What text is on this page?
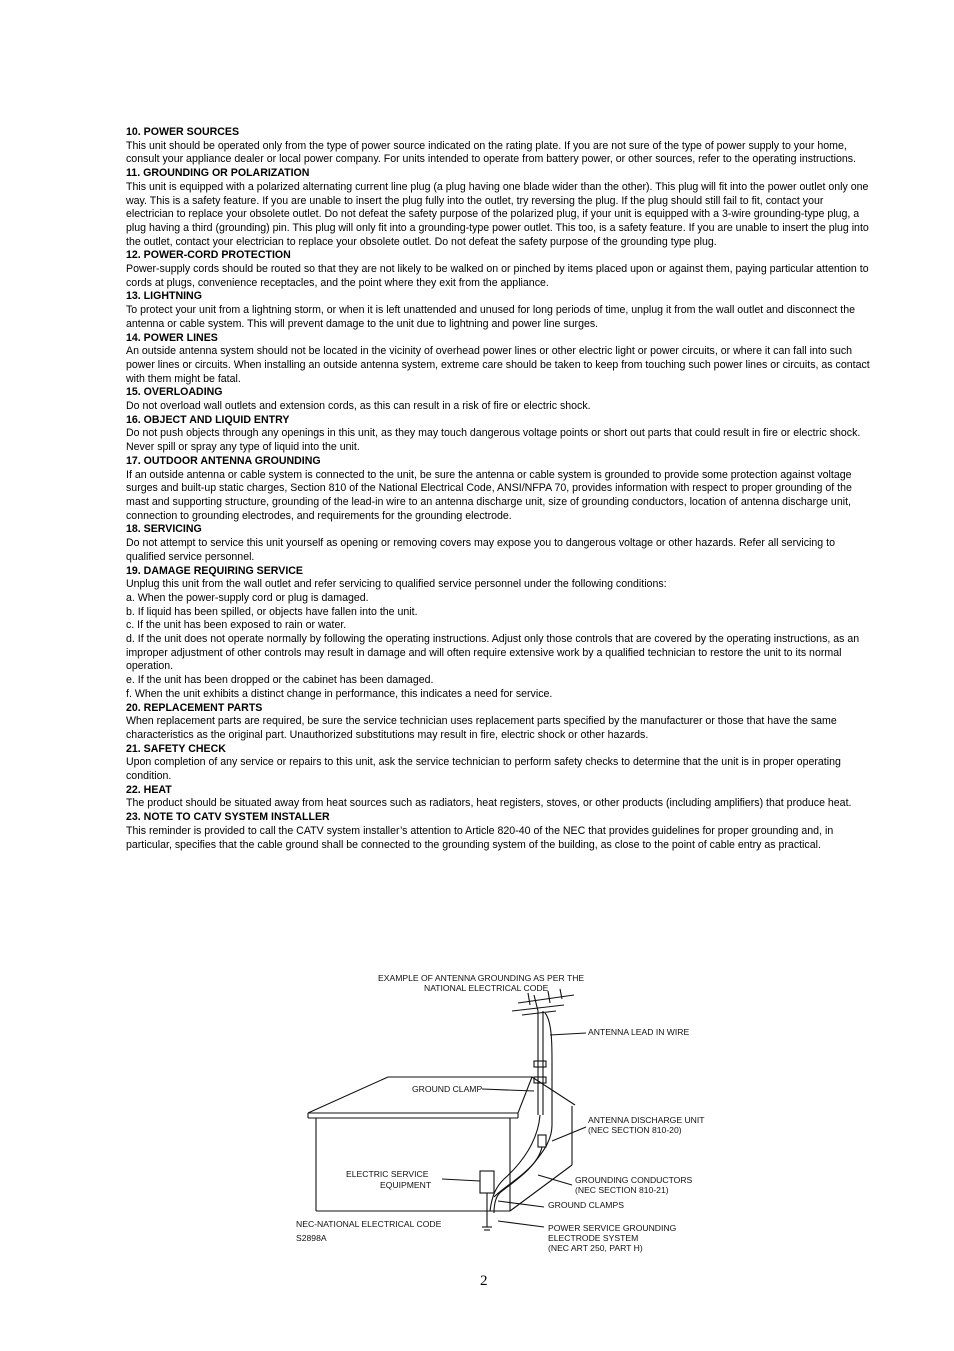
10. POWER SOURCES

This unit should be operated only from the type of power source indicated on the rating plate. If you are not sure of the type of power supply to your home, consult your appliance dealer or local power company. For units intended to operate from battery power, or other sources, refer to the operating instructions.

11. GROUNDING OR POLARIZATION

This unit is equipped with a polarized alternating current line plug (a plug having one blade wider than the other). This plug will fit into the power outlet only one way. This is a safety feature. If you are unable to insert the plug fully into the outlet, try reversing the plug. If the plug should still fail to fit, contact your electrician to replace your obsolete outlet. Do not defeat the safety purpose of the polarized plug, if your unit is equipped with a 3-wire grounding-type plug, a plug having a third (grounding) pin. This plug will only fit into a grounding-type power outlet. This too, is a safety feature. If you are unable to insert the plug into the outlet, contact your electrician to replace your obsolete outlet. Do not defeat the safety purpose of the grounding type plug.

12. POWER-CORD PROTECTION

Power-supply cords should be routed so that they are not likely to be walked on or pinched by items placed upon or against them, paying particular attention to cords at plugs, convenience receptacles, and the point where they exit from the appliance.

13. LIGHTNING

To protect your unit from a lightning storm, or when it is left unattended and unused for long periods of time, unplug it from the wall outlet and disconnect the antenna or cable system. This will prevent damage to the unit due to lightning and power line surges.

14. POWER LINES

An outside antenna system should not be located in the vicinity of overhead power lines or other electric light or power circuits, or where it can fall into such

power lines or circuits. When installing an outside antenna system, extreme care should be taken to keep from touching such power lines or circuits, as contact with them might be fatal.

15. OVERLOADING

Do not overload wall outlets and extension cords, as this can result in a risk of fire or electric shock.

16. OBJECT AND LIQUID ENTRY

Do not push objects through any openings in this unit, as they may touch dangerous voltage points or short out parts that could result in fire or electric shock. Never spill or spray any type of liquid into the unit.

17. OUTDOOR ANTENNA GROUNDING

If an outside antenna or cable system is connected to the unit, be sure the antenna or cable system is grounded to provide some protection against voltage surges and built-up static charges, Section 810 of the National Electrical Code, ANSI/NFPA 70, provides information with respect to proper grounding of the mast and supporting structure, grounding of the lead-in wire to an antenna discharge unit, size of grounding conductors, location of antenna discharge unit, connection to grounding electrodes, and requirements for the grounding electrode.

18. SERVICING

Do not attempt to service this unit yourself as opening or removing covers may expose you to dangerous voltage or other hazards. Refer all servicing to qualified service personnel.

19. DAMAGE REQUIRING SERVICE

Unplug this unit from the wall outlet and refer servicing to qualified service personnel under the following conditions:

a. When the power-supply cord or plug is damaged.

b. If liquid has been spilled, or objects have fallen into the unit.

c. If the unit has been exposed to rain or water.

d. If the unit does not operate normally by following the operating instructions. Adjust only those controls that are covered by the operating instructions, as an improper adjustment of other controls may result in damage and will often require extensive work by a qualified technician to restore the unit to its normal operation.

e. If the unit has been dropped or the cabinet has been damaged.

f. When the unit exhibits a distinct change in performance, this indicates a need for service.

20. REPLACEMENT PARTS

When replacement parts are required, be sure the service technician uses replacement parts specified by the manufacturer or those that have the same characteristics as the original part. Unauthorized substitutions may result in fire, electric shock or other hazards.

21. SAFETY CHECK

Upon completion of any service or repairs to this unit, ask the service technician to perform safety checks to determine that the unit is in proper operating condition.

22. HEAT

The product should be situated away from heat sources such as radiators, heat registers, stoves, or other products (including amplifiers) that produce heat.

23. NOTE TO CATV SYSTEM INSTALLER

This reminder is provided to call the CATV system installer’s attention to Article 820-40 of the NEC that provides guidelines for proper grounding and, in particular, specifies that the cable ground shall be connected to the grounding system of the building, as close to the point of cable entry as practical.

EXAMPLE OF ANTENNA GROUNDING AS PER THE
NATIONAL ELECTRICAL CODE
ANTENNA LEAD IN WIRE
GROUND CLAMP
ANTENNA DISCHARGE UNIT
(NEC SECTION 810-20)
ELECTRIC SERVICE
EQUIPMENT	GROUNDING CONDUCTORS
(NEC SECTION 810-21)
GROUND CLAMPS
NEC-NATIONAL ELECTRICAL CODE
S2898A
POWER SERVICE GROUNDING
ELECTRODE SYSTEM
(NEC ART 250, PART H)
2
